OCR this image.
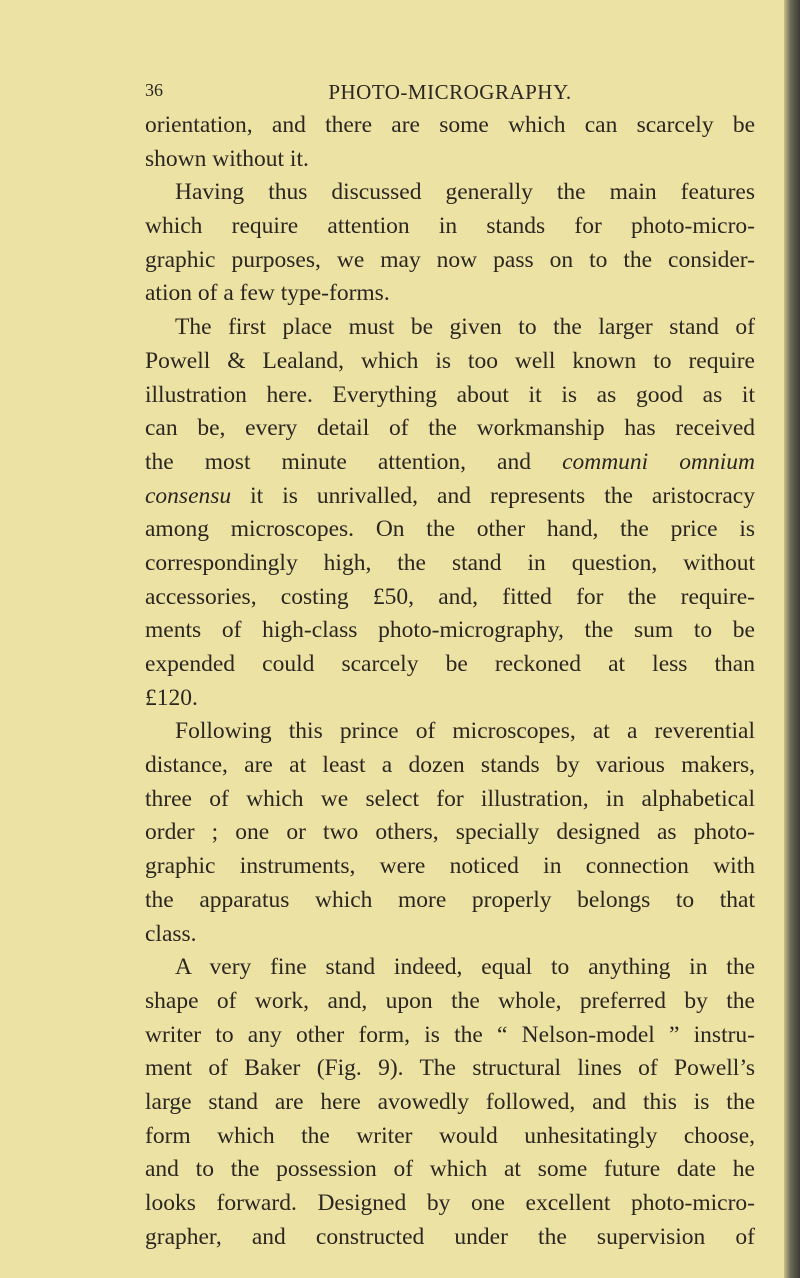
36	PHOTO-MICROGRAPHY.
orientation, and there are some which can scarcely be
shown without it.
Having thus discussed generally the main features
which require attention in stands for photo-micro-
graphic purposes, we may now pass on to the consider-
ation of a few type-forms.
The first place must be given to the larger stand of
Powell & Lealand, which is too well known to require
illustration here. Everything about it is as good as it
can be, every detail of the workmanship has received
the most minute attention, and communi omnium
consensu it is unrivalled, and represents the aristocracy
among microscopes. On the other hand, the price is
correspondingly high, the stand in question, without
accessories, costing £50, and, fitted for the require-
ments of high-class photo-micrography, the sum to be
expended could scarcely be reckoned at less than
£120.
Following this prince of microscopes, at a reverential
distance, are at least a dozen stands by various makers,
three of which we select for illustration, in alphabetical
order ; one or two others, specially designed as photo-
graphic instruments, were noticed in connection with
the apparatus which more properly belongs to that
class.
A very fine stand indeed, equal to anything in the
shape of work, and, upon the whole, preferred by the
writer to any other form, is the “ Nelson-model ” instru-
ment of Baker (Fig. 9). The structural lines of Powell’s
large stand are here avowedly followed, and this is the
form which the writer would unhesitatingly choose,
and to the possession of which at some future date he
looks forward. Designed by one excellent photo-micro-
grapher, and constructed under the supervision of
